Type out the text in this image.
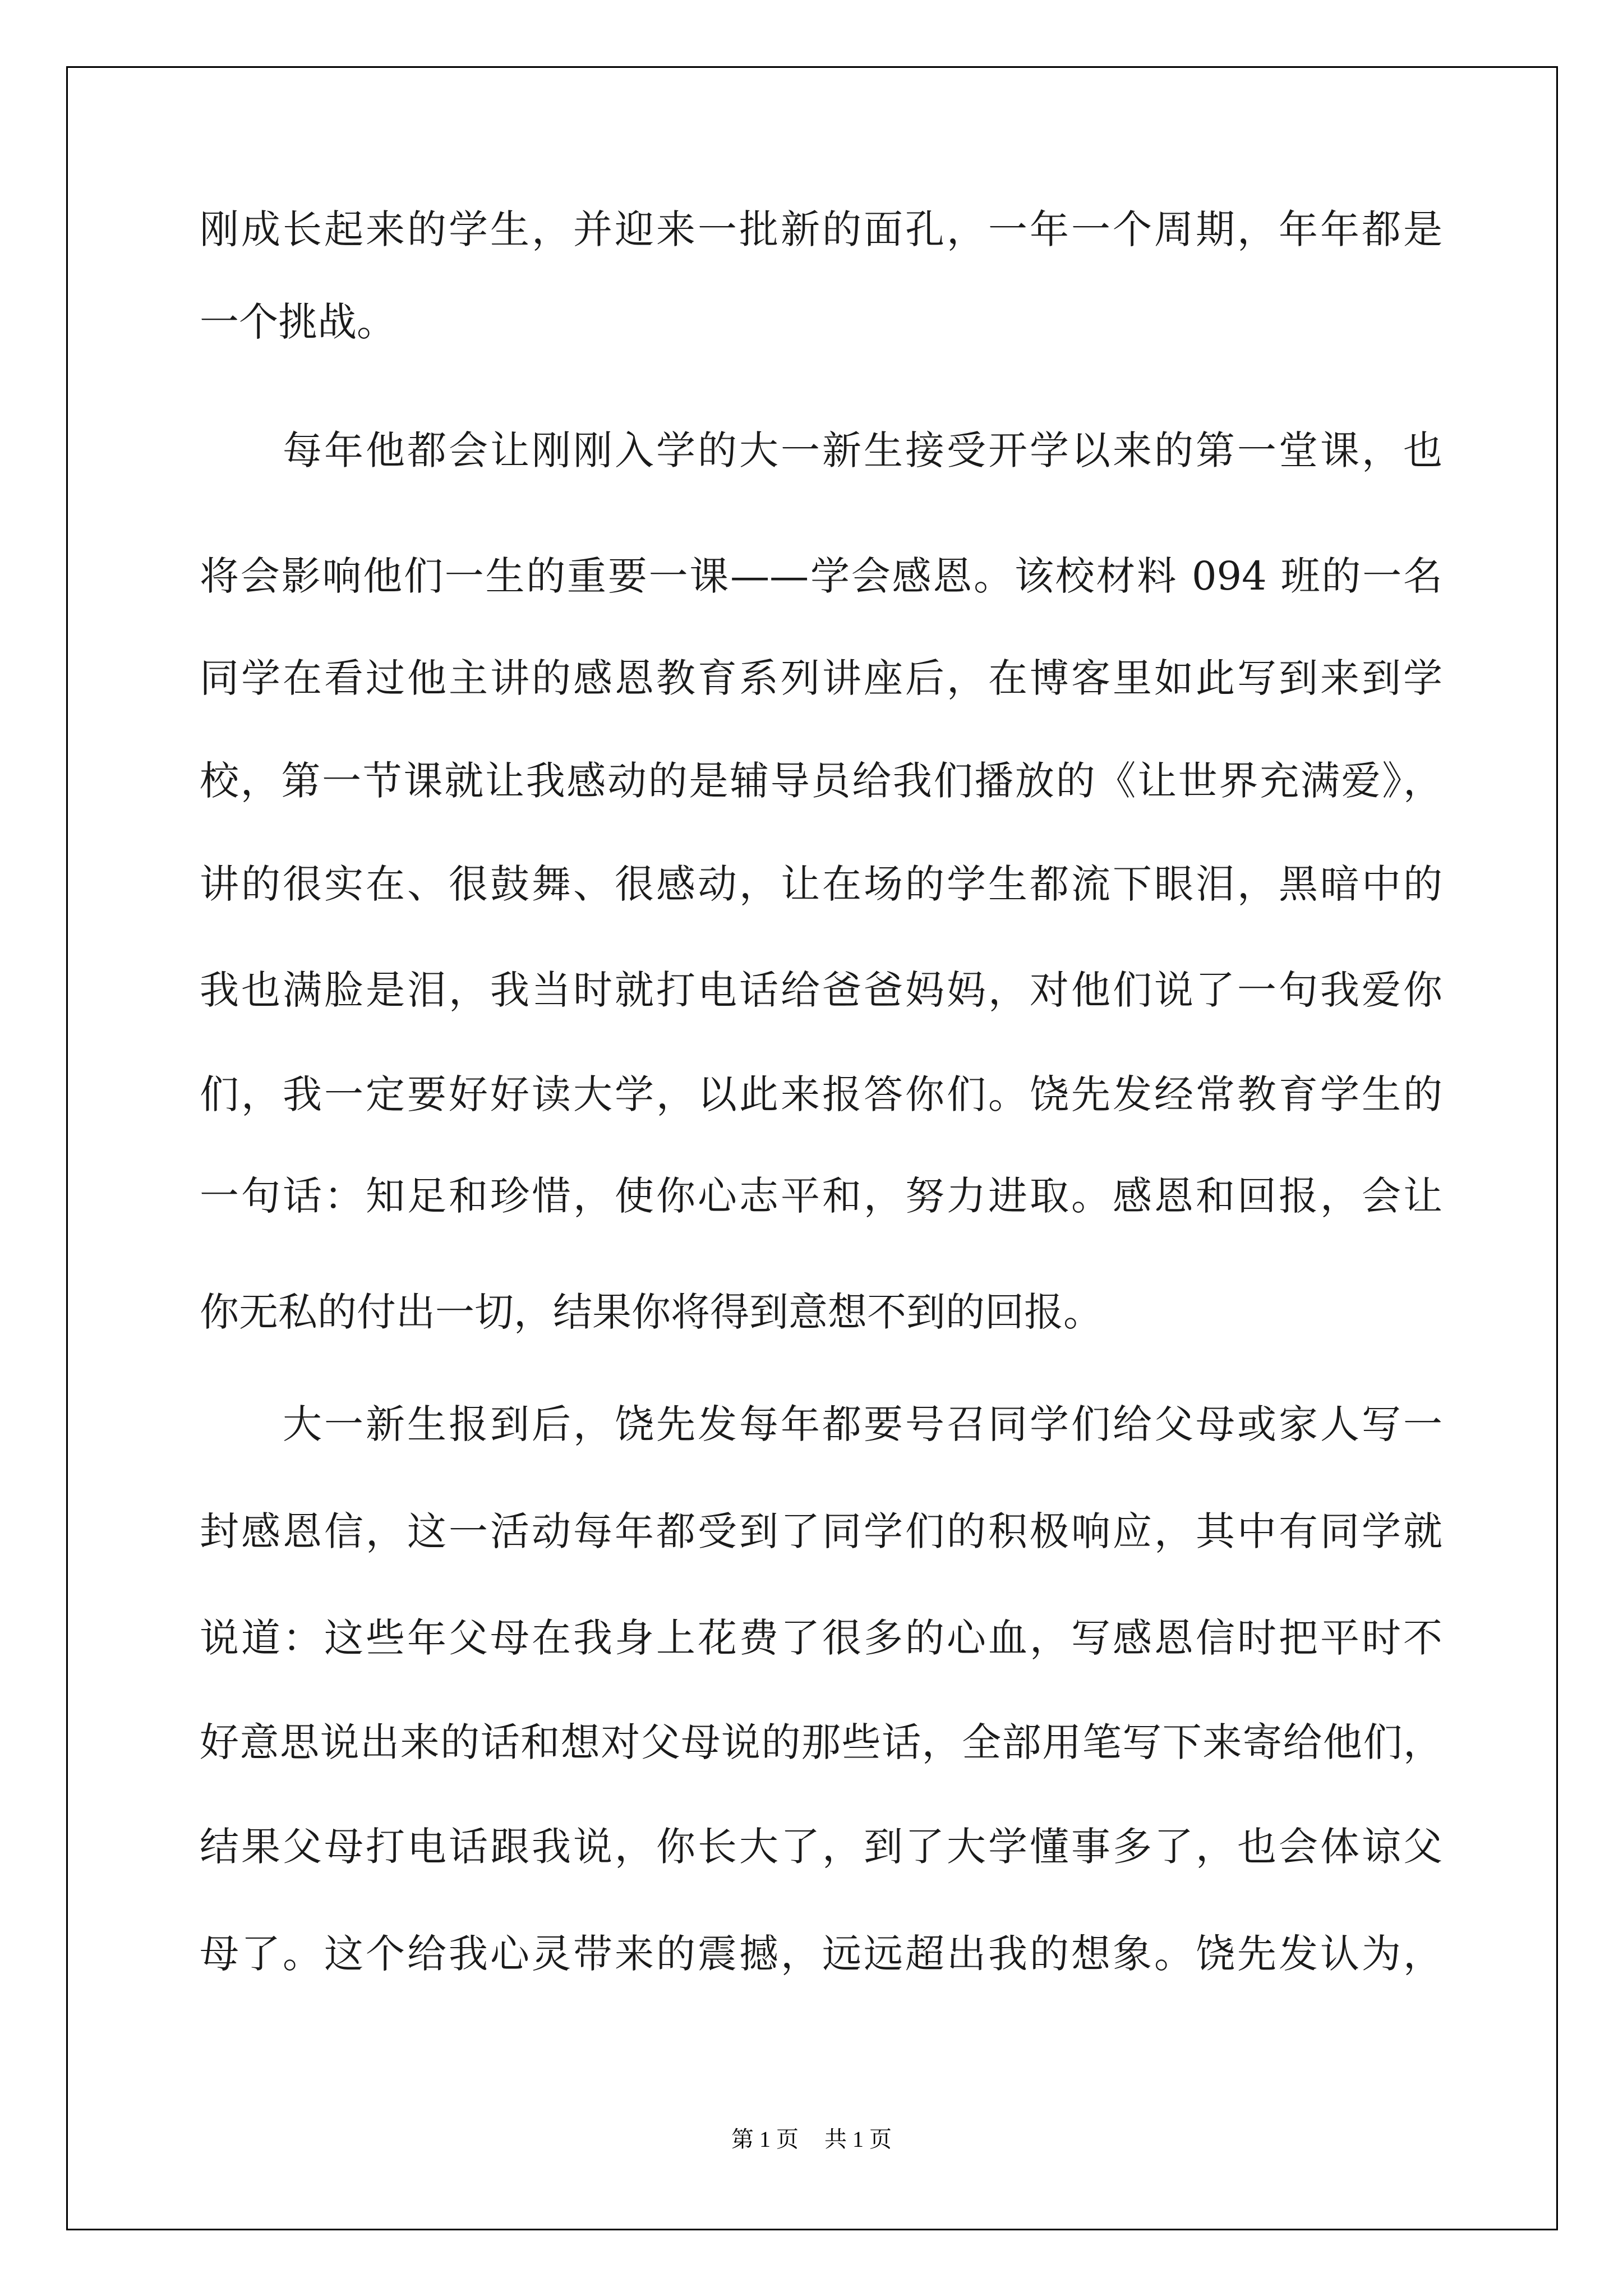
刚成长起来的学生，并迎来一批新的面孔，一年一个周期，年年都是
一个挑战。
　　每年他都会让刚刚入学的大一新生接受开学以来的第一堂课，也
将会影响他们一生的重要一课——学会感恩。该校材料 094 班的一名
同学在看过他主讲的感恩教育系列讲座后，在博客里如此写到来到学
校，第一节课就让我感动的是辅导员给我们播放的《让世界充满爱》，
讲的很实在、很鼓舞、很感动，让在场的学生都流下眼泪，黑暗中的
我也满脸是泪，我当时就打电话给爸爸妈妈，对他们说了一句我爱你
们，我一定要好好读大学，以此来报答你们。饶先发经常教育学生的
一句话：知足和珍惜，使你心志平和，努力进取。感恩和回报，会让
你无私的付出一切，结果你将得到意想不到的回报。
　　大一新生报到后，饶先发每年都要号召同学们给父母或家人写一
封感恩信，这一活动每年都受到了同学们的积极响应，其中有同学就
说道：这些年父母在我身上花费了很多的心血，写感恩信时把平时不
好意思说出来的话和想对父母说的那些话，全部用笔写下来寄给他们，
结果父母打电话跟我说，你长大了，到了大学懂事多了，也会体谅父
母了。这个给我心灵带来的震撼，远远超出我的想象。饶先发认为，
第 1 页 共 1 页
